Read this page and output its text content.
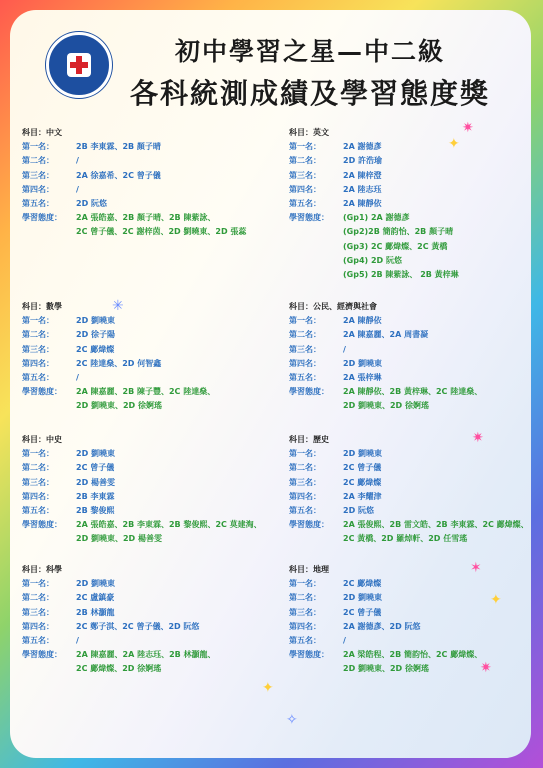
初中學習之星—中二級
各科統測成績及學習態度獎
✷
✦
✳
✷
✶
✦
✷
✦
✧
科目：中文
第一名：	2B 李東霖、2B 顏子晴
第二名：	/
第三名：	2A 徐嘉希、2C 曾子儀
第四名：	/
第五名：	2D 阮悠
學習態度：	2A 張皓嘉、2B 顏子晴、2B 陳紫詠、
2C 曾子儀、2C 謝梓茵、2D 劉曉東、2D 張蕊
科目：英文
第一名：	2A 謝德彥
第二名：	2D 許浩瑜
第三名：	2A 陳梓澄
第四名：	2A 陸志珏
第五名：	2A 陳靜依
學習態度：	(Gp1) 2A 謝德彥
(Gp2)2B 簡韵怡、2B 顏子晴
(Gp3) 2C 鄺煒燦、2C 黃橋
(Gp4) 2D 阮悠
(Gp5) 2B 陳紫詠、 2B 黃梓琳
科目：數學
第一名：	2D 劉曉東
第二名：	2D 徐子陽
第三名：	2C 鄺煒燦
第四名：	2C 陸達燊、2D 何智鑫
第五名：	/
學習態度：	2A 陳嘉麗、2B 陳子豐、2C 陸達燊、
2D 劉曉東、2D 徐婀瑤
科目：公民、經濟與社會
第一名：	2A 陳靜依
第二名：	2A 陳嘉麗、2A 周書凝
第三名：	/
第四名：	2D 劉曉東
第五名：	2A 張梓琳
學習態度：	2A 陳靜依、2B 黃梓琳、2C 陸達燊、
2D 劉曉東、2D 徐婀瑤
科目：中史
第一名：	2D 劉曉東
第二名：	2C 曾子儀
第三名：	2D 楊善雯
第四名：	2B 李東霖
第五名：	2B 黎俊熙
學習態度：	2A 張皓嘉、2B 李東霖、2B 黎俊熙、2C 莫建淘、
2D 劉曉東、2D 楊善雯
科目：歷史
第一名：	2D 劉曉東
第二名：	2C 曾子儀
第三名：	2C 鄺煒燦
第四名：	2A 李耀津
第五名：	2D 阮悠
學習態度：	2A 張俊熙、2B 雷文皓、2B 李東霖、2C 鄺煒燦、
2C 黃橋、2D 羅焯軒、2D 任雪瑤
科目：科學
第一名：	2D 劉曉東
第二名：	2C 盧鎮豪
第三名：	2B 林灝龍
第四名：	2C 鄭子淇、2C 曾子儀、2D 阮悠
第五名：	/
學習態度：	2A 陳嘉麗、2A 陸志珏、2B 林灝龍、
2C 鄺煒燦、2D 徐婀瑤
科目：地理
第一名：	2C 鄺煒燦
第二名：	2D 劉曉東
第三名：	2C 曾子儀
第四名：	2A 謝德彥、2D 阮悠
第五名：	/
學習態度：	2A 梁皓程、2B 簡韵怡、2C 鄺煒燦、
2D 劉曉東、2D 徐婀瑤
